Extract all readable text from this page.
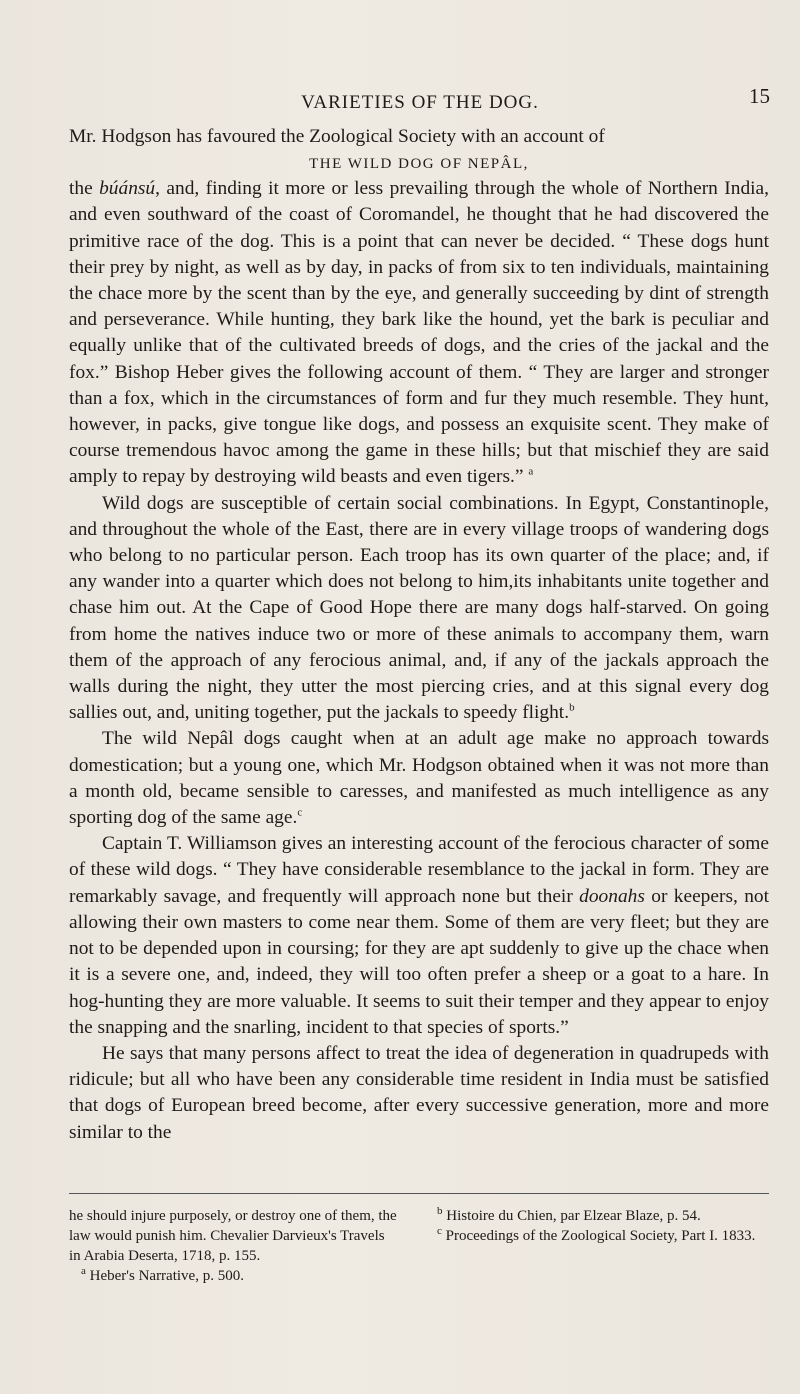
VARIETIES OF THE DOG.	15

Mr. Hodgson has favoured the Zoological Society with an account of

THE WILD DOG OF NEPÂL,

the búánsú, and, finding it more or less prevailing through the whole of Northern India, and even southward of the coast of Coromandel, he thought that he had discovered the primitive race of the dog. This is a point that can never be decided. “ These dogs hunt their prey by night, as well as by day, in packs of from six to ten individuals, maintaining the chace more by the scent than by the eye, and generally succeeding by dint of strength and perseverance. While hunting, they bark like the hound, yet the bark is peculiar and equally unlike that of the cultivated breeds of dogs, and the cries of the jackal and the fox.” Bishop Heber gives the following account of them. “ They are larger and stronger than a fox, which in the circumstances of form and fur they much resemble. They hunt, however, in packs, give tongue like dogs, and possess an exquisite scent. They make of course tremendous havoc among the game in these hills; but that mischief they are said amply to repay by destroying wild beasts and even tigers.” $^a$

Wild dogs are susceptible of certain social combinations. In Egypt, Constantinople, and throughout the whole of the East, there are in every village troops of wandering dogs who belong to no particular person. Each troop has its own quarter of the place; and, if any wander into a quarter which does not belong to him,its inhabitants unite together and chase him out. At the Cape of Good Hope there are many dogs half-starved. On going from home the natives induce two or more of these animals to accompany them, warn them of the approach of any ferocious animal, and, if any of the jackals approach the walls during the night, they utter the most piercing cries, and at this signal every dog sallies out, and, uniting together, put the jackals to speedy flight.$^b$

The wild Nepâl dogs caught when at an adult age make no approach towards domestication; but a young one, which Mr. Hodgson obtained when it was not more than a month old, became sensible to caresses, and manifested as much intelligence as any sporting dog of the same age.$^c$

Captain T. Williamson gives an interesting account of the ferocious character of some of these wild dogs. “ They have considerable resemblance to the jackal in form. They are remarkably savage, and frequently will approach none but their doonahs or keepers, not allowing their own masters to come near them. Some of them are very fleet; but they are not to be depended upon in coursing; for they are apt suddenly to give up the chace when it is a severe one, and, indeed, they will too often prefer a sheep or a goat to a hare. In hog-hunting they are more valuable. It seems to suit their temper and they appear to enjoy the snapping and the snarling, incident to that species of sports.”

He says that many persons affect to treat the idea of degeneration in quadrupeds with ridicule; but all who have been any considerable time resident in India must be satisfied that dogs of European breed become, after every successive generation, more and more similar to the

he should injure purposely, or destroy one of them, the law would punish him. Chevalier Darvieux's Travels in Arabia Deserta, 1718, p. 155.

$^a$ Heber's Narrative, p. 500.

$^b$ Histoire du Chien, par Elzear Blaze, p. 54.

$^c$ Proceedings of the Zoological Society, Part I. 1833.
